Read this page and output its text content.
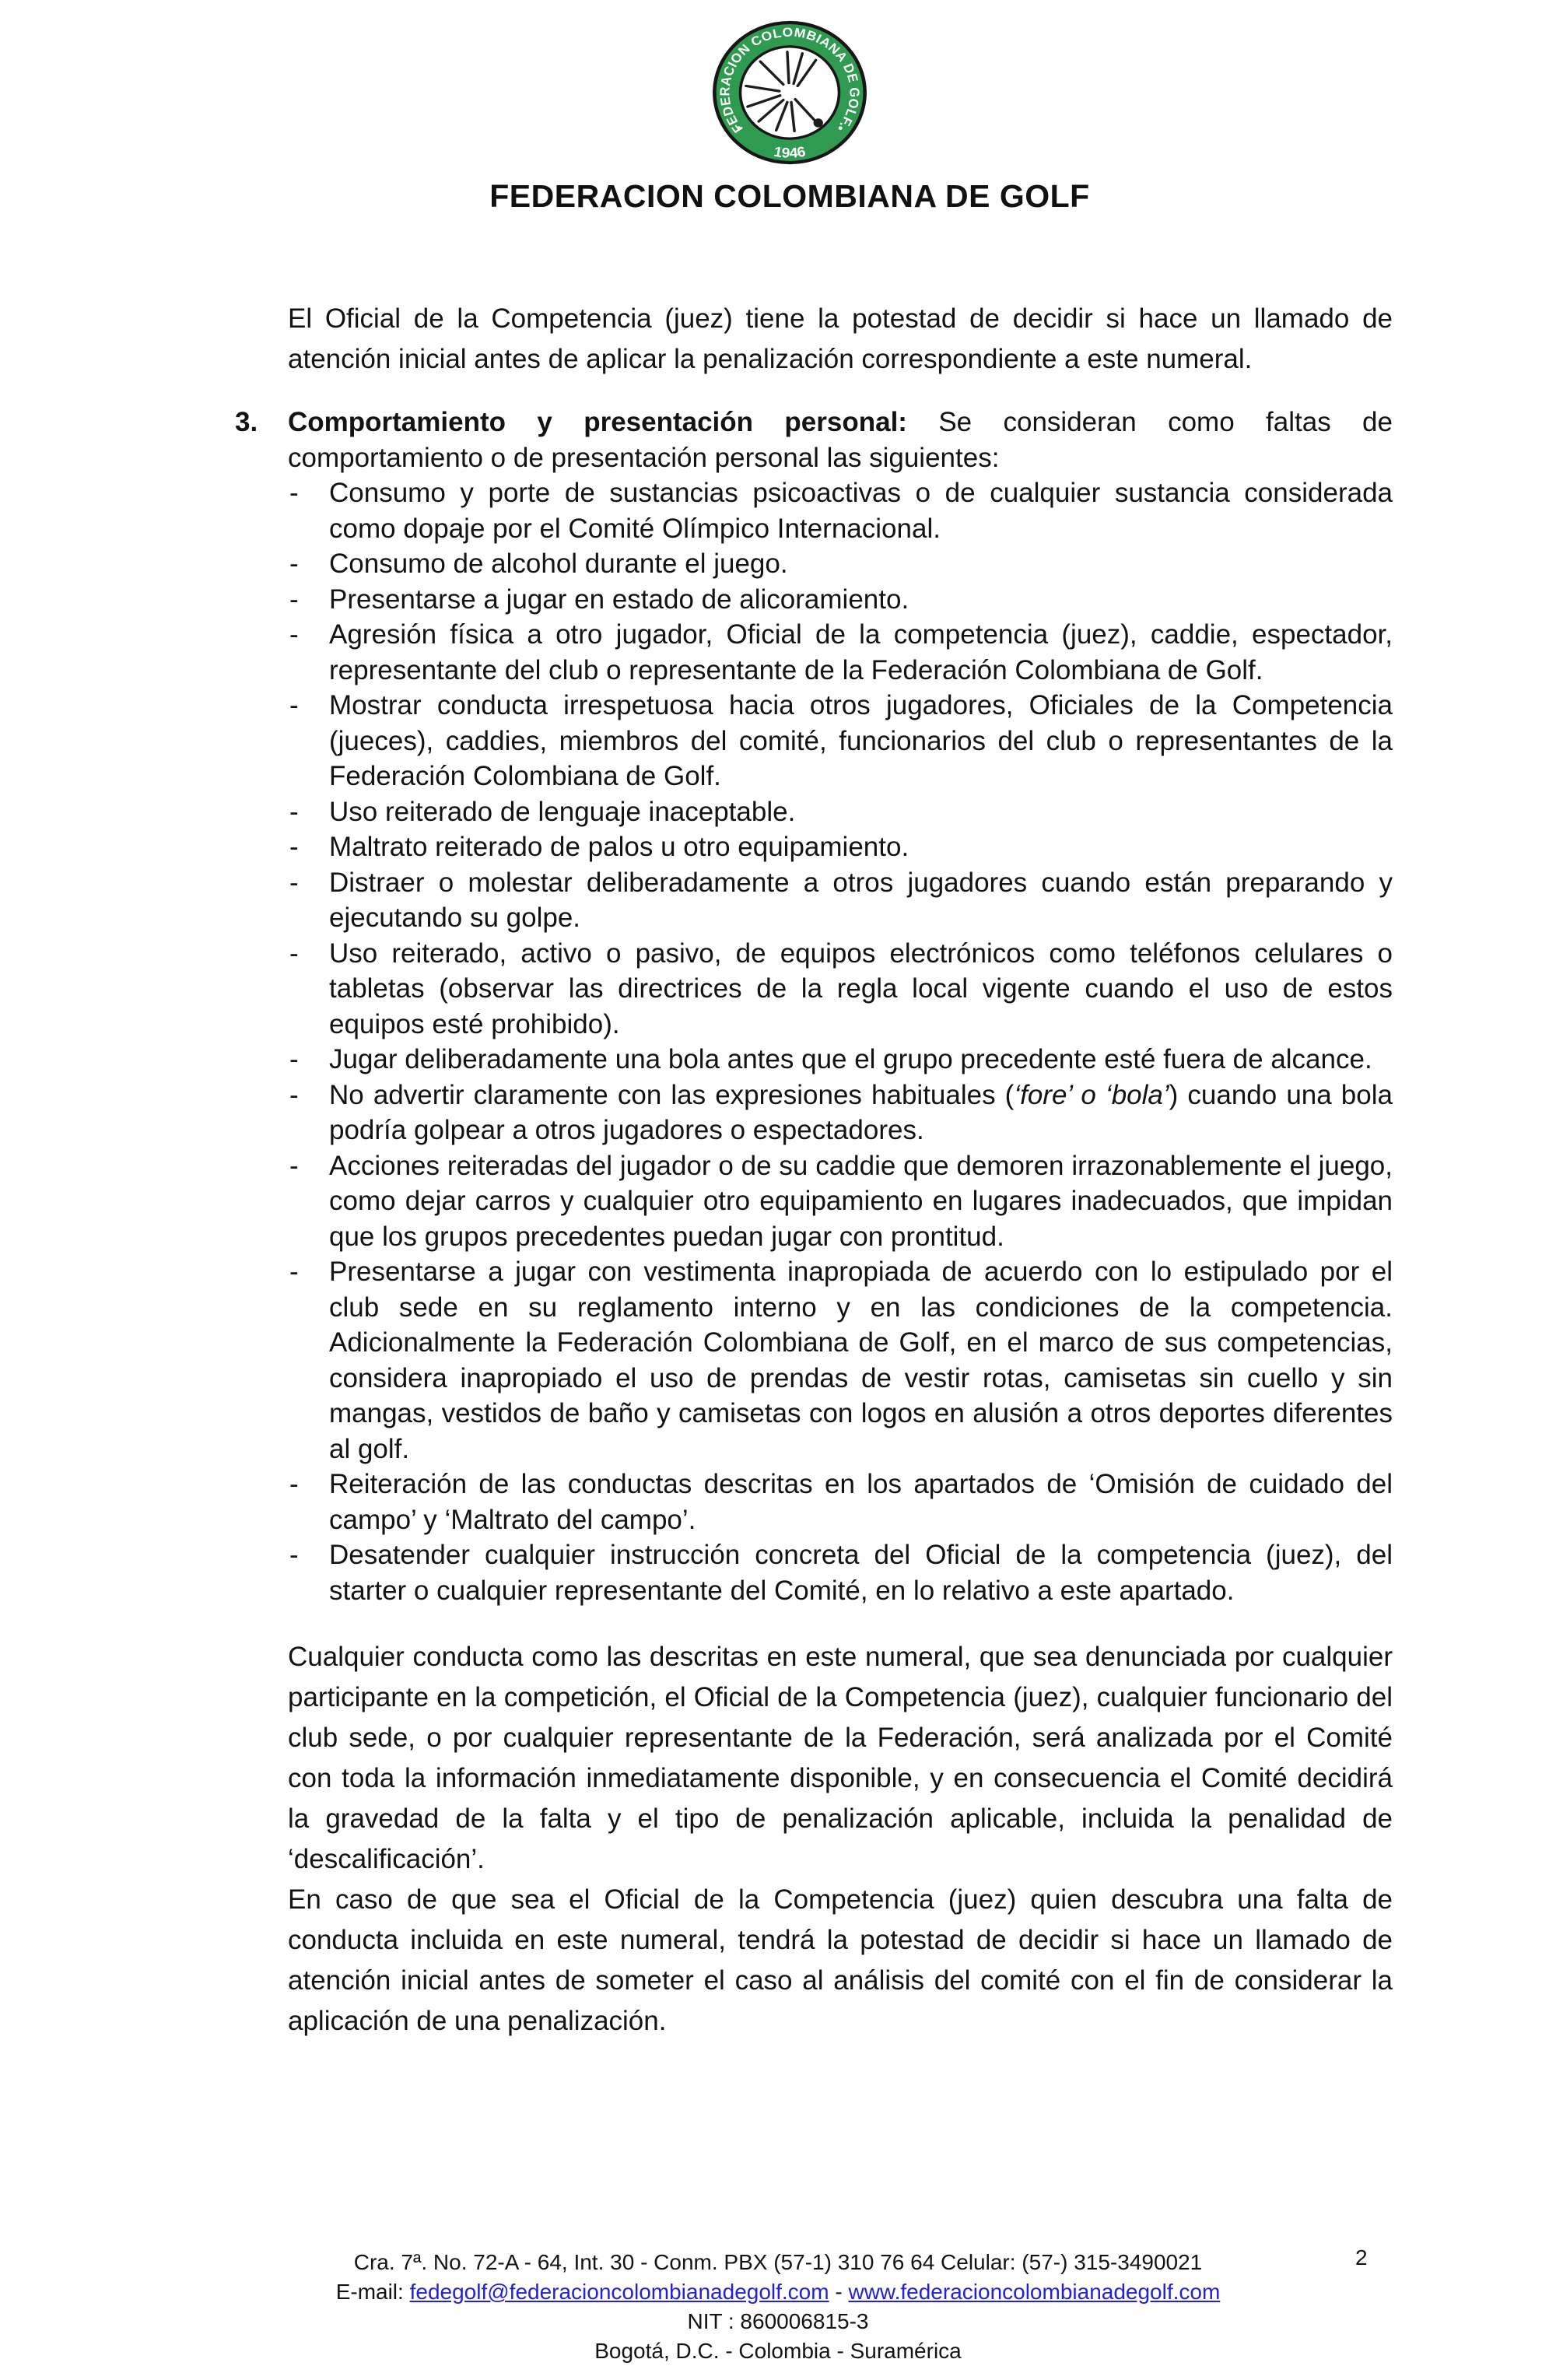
FEDERACION COLOMBIANA DE GOLF.
1946
FEDERACION COLOMBIANA DE GOLF

El Oficial de la Competencia (juez) tiene la potestad de decidir si hace un llamado de atención inicial antes de aplicar la penalización correspondiente a este numeral.

3. Comportamiento y presentación personal: Se consideran como faltas de comportamiento o de presentación personal las siguientes:

- Consumo y porte de sustancias psicoactivas o de cualquier sustancia considerada como dopaje por el Comité Olímpico Internacional.
- Consumo de alcohol durante el juego.
- Presentarse a jugar en estado de alicoramiento.
- Agresión física a otro jugador, Oficial de la competencia (juez), caddie, espectador, representante del club o representante de la Federación Colombiana de Golf.
- Mostrar conducta irrespetuosa hacia otros jugadores, Oficiales de la Competencia (jueces), caddies, miembros del comité, funcionarios del club o representantes de la Federación Colombiana de Golf.
- Uso reiterado de lenguaje inaceptable.
- Maltrato reiterado de palos u otro equipamiento.
- Distraer o molestar deliberadamente a otros jugadores cuando están preparando y ejecutando su golpe.
- Uso reiterado, activo o pasivo, de equipos electrónicos como teléfonos celulares o tabletas (observar las directrices de la regla local vigente cuando el uso de estos equipos esté prohibido).
- Jugar deliberadamente una bola antes que el grupo precedente esté fuera de alcance.
- No advertir claramente con las expresiones habituales (‘fore’ o ‘bola’) cuando una bola podría golpear a otros jugadores o espectadores.
- Acciones reiteradas del jugador o de su caddie que demoren irrazonablemente el juego, como dejar carros y cualquier otro equipamiento en lugares inadecuados, que impidan que los grupos precedentes puedan jugar con prontitud.
- Presentarse a jugar con vestimenta inapropiada de acuerdo con lo estipulado por el club sede en su reglamento interno y en las condiciones de la competencia. Adicionalmente la Federación Colombiana de Golf, en el marco de sus competencias, considera inapropiado el uso de prendas de vestir rotas, camisetas sin cuello y sin mangas, vestidos de baño y camisetas con logos en alusión a otros deportes diferentes al golf.
- Reiteración de las conductas descritas en los apartados de ‘Omisión de cuidado del campo’ y ‘Maltrato del campo’.
- Desatender cualquier instrucción concreta del Oficial de la competencia (juez), del starter o cualquier representante del Comité, en lo relativo a este apartado.

Cualquier conducta como las descritas en este numeral, que sea denunciada por cualquier participante en la competición, el Oficial de la Competencia (juez), cualquier funcionario del club sede, o por cualquier representante de la Federación, será analizada por el Comité con toda la información inmediatamente disponible, y en consecuencia el Comité decidirá la gravedad de la falta y el tipo de penalización aplicable, incluida la penalidad de ‘descalificación’.

En caso de que sea el Oficial de la Competencia (juez) quien descubra una falta de conducta incluida en este numeral, tendrá la potestad de decidir si hace un llamado de atención inicial antes de someter el caso al análisis del comité con el fin de considerar la aplicación de una penalización.

Cra. 7ª. No. 72-A - 64, Int. 30 - Conm. PBX (57-1) 310 76 64 Celular: (57-) 315-3490021
E-mail: fedegolf@federacioncolombianadegolf.com - www.federacioncolombianadegolf.com
NIT : 860006815-3
Bogotá, D.C. - Colombia - Suramérica
2
